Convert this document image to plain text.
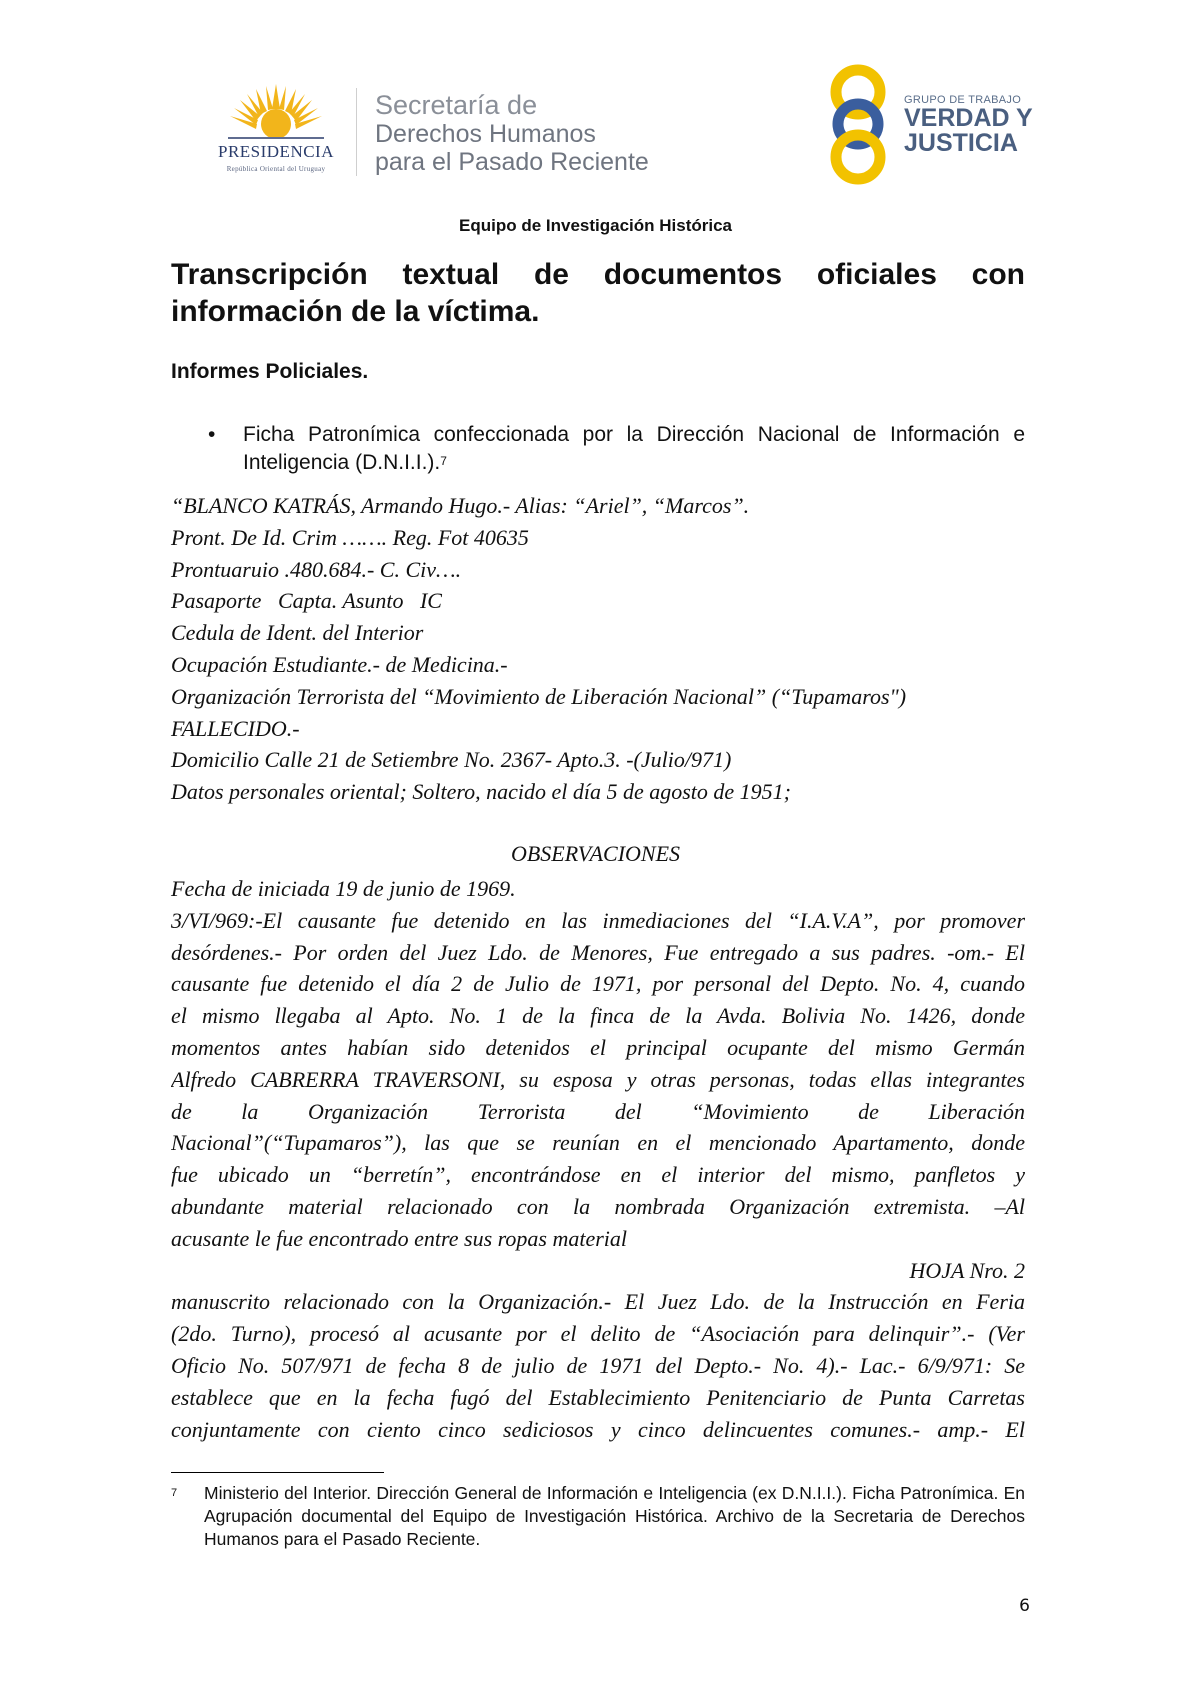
PRESIDENCIA
República Oriental del Uruguay
Secretaría de
Derechos Humanos
para el Pasado Reciente
GRUPO DE TRABAJO
VERDAD Y
JUSTICIA
Equipo de Investigación Histórica
Transcripción textual de documentos oficiales con información de la víctima.
Informes Policiales.
• Ficha Patronímica confeccionada por la Dirección Nacional de Información e Inteligencia (D.N.I.I.).$^7$
“BLANCO KATRÁS, Armando Hugo.- Alias: “Ariel”, “Marcos”.
Pront. De Id. Crim ……. Reg. Fot 40635
Prontuaruio .480.684.- C. Civ….
Pasaporte   Capta. Asunto   IC
Cedula de Ident. del Interior
Ocupación Estudiante.- de Medicina.-
Organización Terrorista del “Movimiento de Liberación Nacional” (“Tupamaros")
FALLECIDO.-
Domicilio Calle 21 de Setiembre No. 2367- Apto.3. -(Julio/971)
Datos personales oriental; Soltero, nacido el día 5 de agosto de 1951;
OBSERVACIONES
Fecha de iniciada 19 de junio de 1969.
3/VI/969:-El causante fue detenido en las inmediaciones del “I.A.V.A”, por promover
desórdenes.- Por orden del Juez Ldo. de Menores, Fue entregado a sus padres. -om.- El
causante fue detenido el día 2 de Julio de 1971, por personal del Depto. No. 4, cuando
el mismo llegaba al Apto. No. 1 de la finca de la Avda. Bolivia No. 1426, donde
momentos antes habían sido detenidos el principal ocupante del mismo Germán
Alfredo CABRERRA TRAVERSONI, su esposa y otras personas, todas ellas integrantes
de la Organización Terrorista del “Movimiento de Liberación
Nacional”(“Tupamaros”), las que se reunían en el mencionado Apartamento, donde
fue ubicado un “berretín”, encontrándose en el interior del mismo, panfletos y
abundante material relacionado con la nombrada Organización extremista. –Al
acusante le fue encontrado entre sus ropas material
HOJA Nro. 2
manuscrito relacionado con la Organización.- El Juez Ldo. de la Instrucción en Feria
(2do. Turno), procesó al acusante por el delito de “Asociación para delinquir”.- (Ver
Oficio No. 507/971 de fecha 8 de julio de 1971 del Depto.- No. 4).- Lac.- 6/9/971: Se
establece que en la fecha fugó del Establecimiento Penitenciario de Punta Carretas
conjuntamente con ciento cinco sediciosos y cinco delincuentes comunes.- amp.- El
7 Ministerio del Interior. Dirección General de Información e Inteligencia (ex D.N.I.I.). Ficha Patronímica. En Agrupación documental del Equipo de Investigación Histórica. Archivo de la Secretaria de Derechos Humanos para el Pasado Reciente.
6
